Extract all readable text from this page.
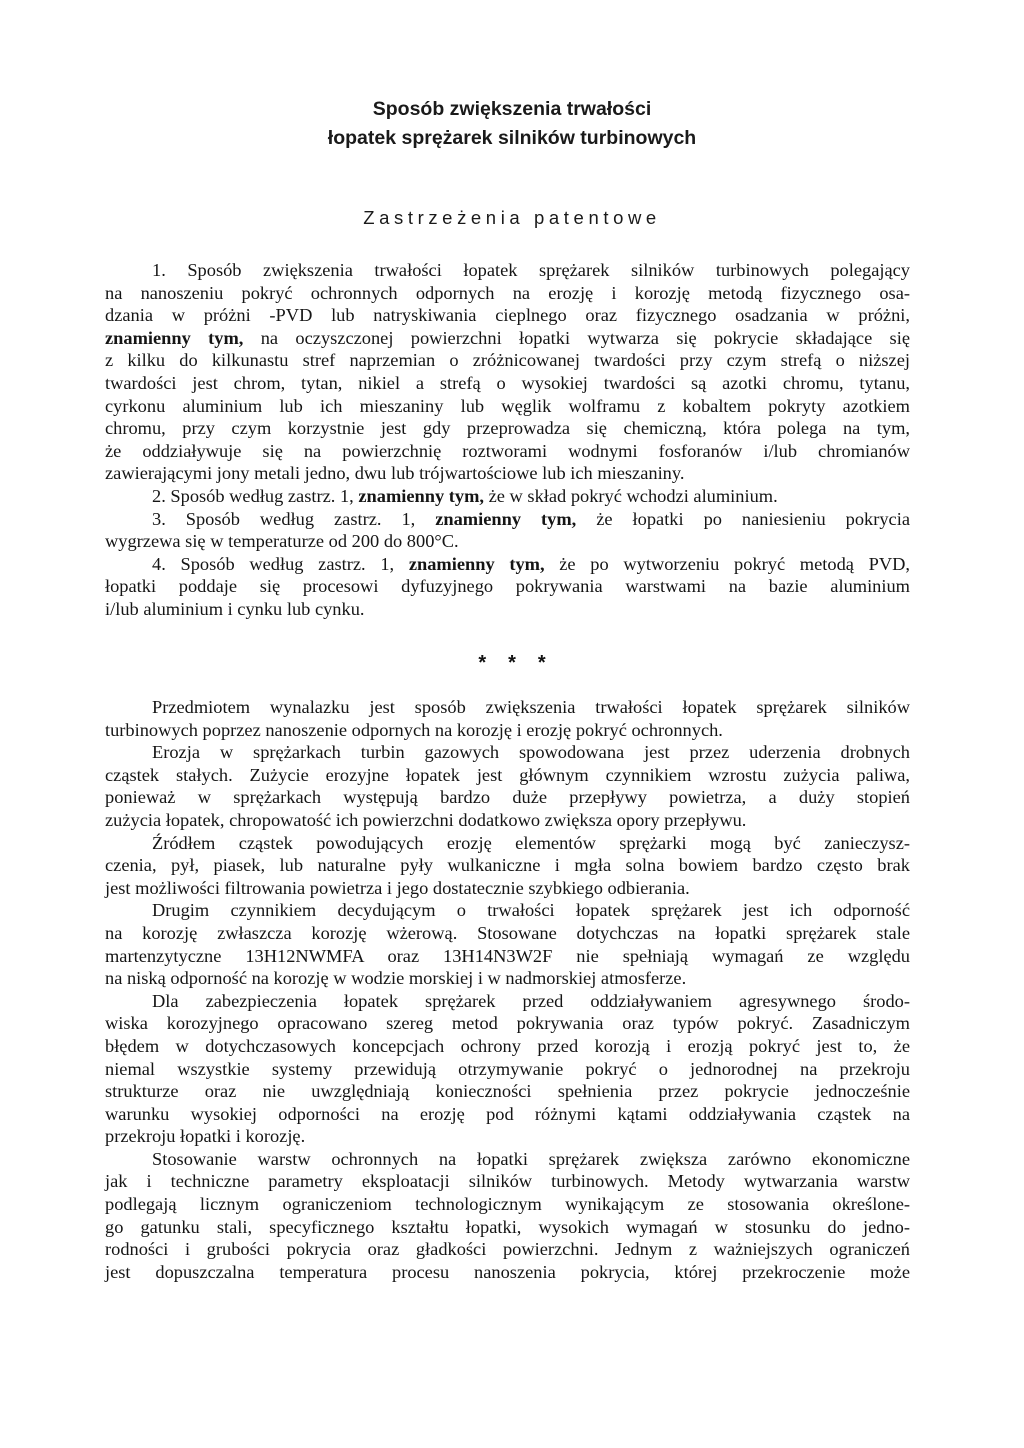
Sposób zwiększenia trwałości
łopatek sprężarek silników turbinowych
Zastrzeżenia patentowe
1. Sposób zwiększenia trwałości łopatek sprężarek silników turbinowych polegający
na nanoszeniu pokryć ochronnych odpornych na erozję i korozję metodą fizycznego osa-
dzania w próżni -PVD lub natryskiwania cieplnego oraz fizycznego osadzania w próżni,
znamienny tym, na oczyszczonej powierzchni łopatki wytwarza się pokrycie składające się
z kilku do kilkunastu stref naprzemian o zróżnicowanej twardości przy czym strefą o niższej
twardości jest chrom, tytan, nikiel a strefą o wysokiej twardości są azotki chromu, tytanu,
cyrkonu aluminium lub ich mieszaniny lub węglik wolframu z kobaltem pokryty azotkiem
chromu, przy czym korzystnie jest gdy przeprowadza się chemiczną, która polega na tym,
że oddziaływuje się na powierzchnię roztworami wodnymi fosforanów i/lub chromianów
zawierającymi jony metali jedno, dwu lub trójwartościowe lub ich mieszaniny.
2. Sposób według zastrz. 1, znamienny tym, że w skład pokryć wchodzi aluminium.
3. Sposób według zastrz. 1, znamienny tym, że łopatki po naniesieniu pokrycia
wygrzewa się w temperaturze od 200 do 800°C.
4. Sposób według zastrz. 1, znamienny tym, że po wytworzeniu pokryć metodą PVD,
łopatki poddaje się procesowi dyfuzyjnego pokrywania warstwami na bazie aluminium
i/lub aluminium i cynku lub cynku.
***
Przedmiotem wynalazku jest sposób zwiększenia trwałości łopatek sprężarek silników
turbinowych poprzez nanoszenie odpornych na korozję i erozję pokryć ochronnych.
Erozja w sprężarkach turbin gazowych spowodowana jest przez uderzenia drobnych
cząstek stałych. Zużycie erozyjne łopatek jest głównym czynnikiem wzrostu zużycia paliwa,
ponieważ w sprężarkach występują bardzo duże przepływy powietrza, a duży stopień
zużycia łopatek, chropowatość ich powierzchni dodatkowo zwiększa opory przepływu.
Źródłem cząstek powodujących erozję elementów sprężarki mogą być zanieczysz-
czenia, pył, piasek, lub naturalne pyły wulkaniczne i mgła solna bowiem bardzo często brak
jest możliwości filtrowania powietrza i jego dostatecznie szybkiego odbierania.
Drugim czynnikiem decydującym o trwałości łopatek sprężarek jest ich odporność
na korozję zwłaszcza korozję wżerową. Stosowane dotychczas na łopatki sprężarek stale
martenzytyczne 13H12NWMFA oraz 13H14N3W2F nie spełniają wymagań ze względu
na niską odporność na korozję w wodzie morskiej i w nadmorskiej atmosferze.
Dla zabezpieczenia łopatek sprężarek przed oddziaływaniem agresywnego środo-
wiska korozyjnego opracowano szereg metod pokrywania oraz typów pokryć. Zasadniczym
błędem w dotychczasowych koncepcjach ochrony przed korozją i erozją pokryć jest to, że
niemal wszystkie systemy przewidują otrzymywanie pokryć o jednorodnej na przekroju
strukturze oraz nie uwzględniają konieczności spełnienia przez pokrycie jednocześnie
warunku wysokiej odporności na erozję pod różnymi kątami oddziaływania cząstek na
przekroju łopatki i korozję.
Stosowanie warstw ochronnych na łopatki sprężarek zwiększa zarówno ekonomiczne
jak i techniczne parametry eksploatacji silników turbinowych. Metody wytwarzania warstw
podlegają licznym ograniczeniom technologicznym wynikającym ze stosowania określone-
go gatunku stali, specyficznego kształtu łopatki, wysokich wymagań w stosunku do jedno-
rodności i grubości pokrycia oraz gładkości powierzchni. Jednym z ważniejszych ograniczeń
jest dopuszczalna temperatura procesu nanoszenia pokrycia, której przekroczenie może
